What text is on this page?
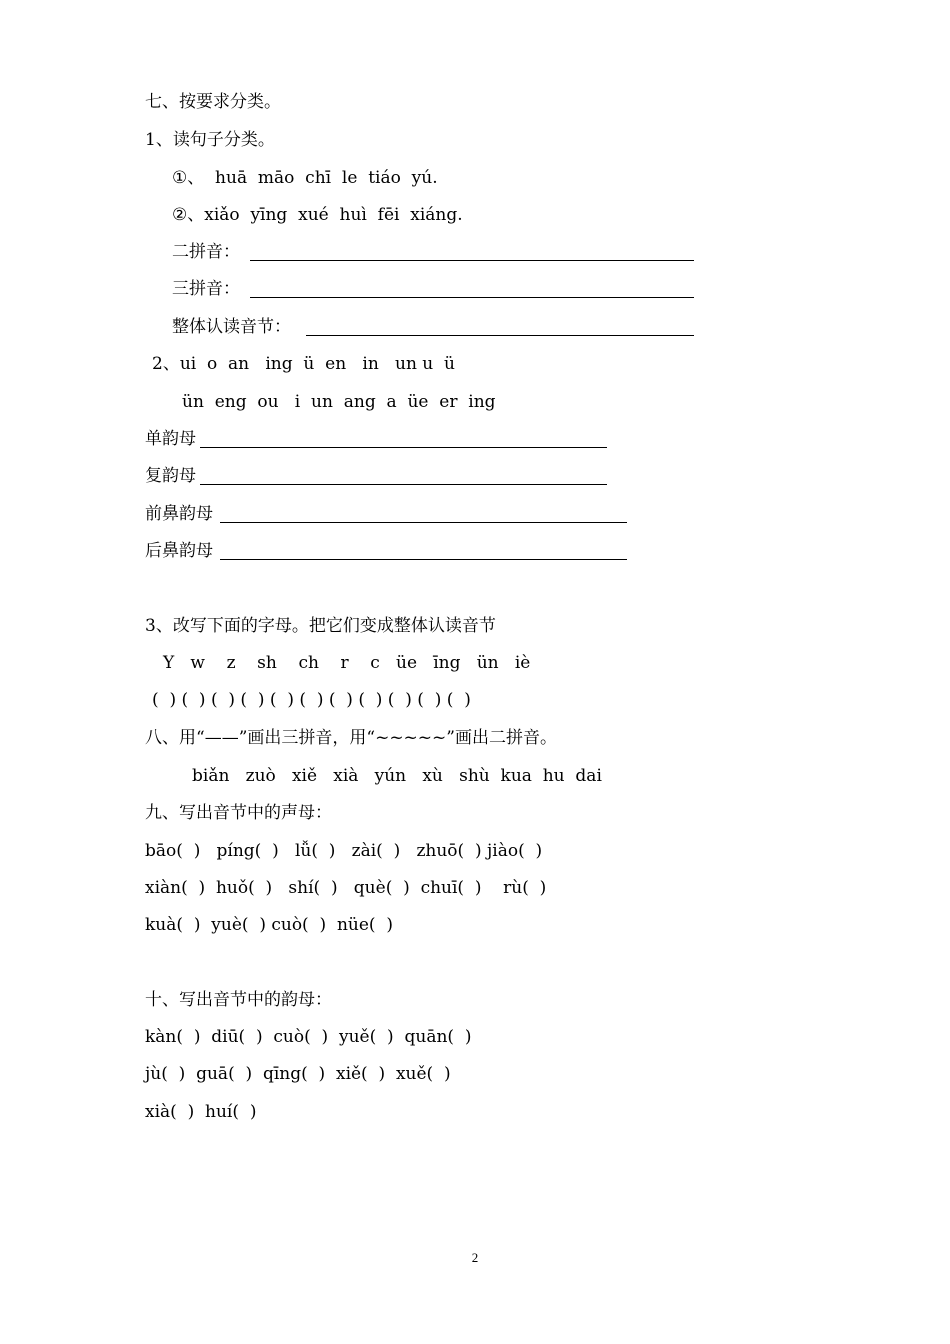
七、按要求分类。
1、读句子分类。
①、  huā  māo  chī  le  tiáo  yú.
②、xiǎo  yīng  xué  huì  fēi  xiáng.
二拼音：
三拼音：
整体认读音节：
2、ui  o  an   ing  ü  en   in   un u  ü
ün  eng  ou   i  un  ang  a  üe  er  ing
单韵母
复韵母
前鼻韵母
后鼻韵母
3、改写下面的字母。把它们变成整体认读音节
Y   w    z    sh    ch    r    c   üe   īng   ün   iè
(  ) (  ) (  ) (  ) (  ) (  ) (  ) (  ) (  ) (  ) (  )
八、用“——”画出三拼音，用“~~~~~”画出二拼音。
biǎn   zuò   xiě   xià   yún   xù   shù  kua  hu  dai
九、写出音节中的声母：
bāo(  )   píng(  )   lǚ(  )   zài(  )   zhuō(  ) jiào(  )
xiàn(  )  huǒ(  )   shí(  )   què(  )  chuī(  )    rù(  )
kuà(  )  yuè(  ) cuò(  )  nüe(  )
十、写出音节中的韵母：
kàn(  )  diū(  )  cuò(  )  yuě(  )  quān(  )
jù(  )  guā(  )  qīng(  )  xiě(  )  xuě(  )
xià(  )  huí(  )
2
